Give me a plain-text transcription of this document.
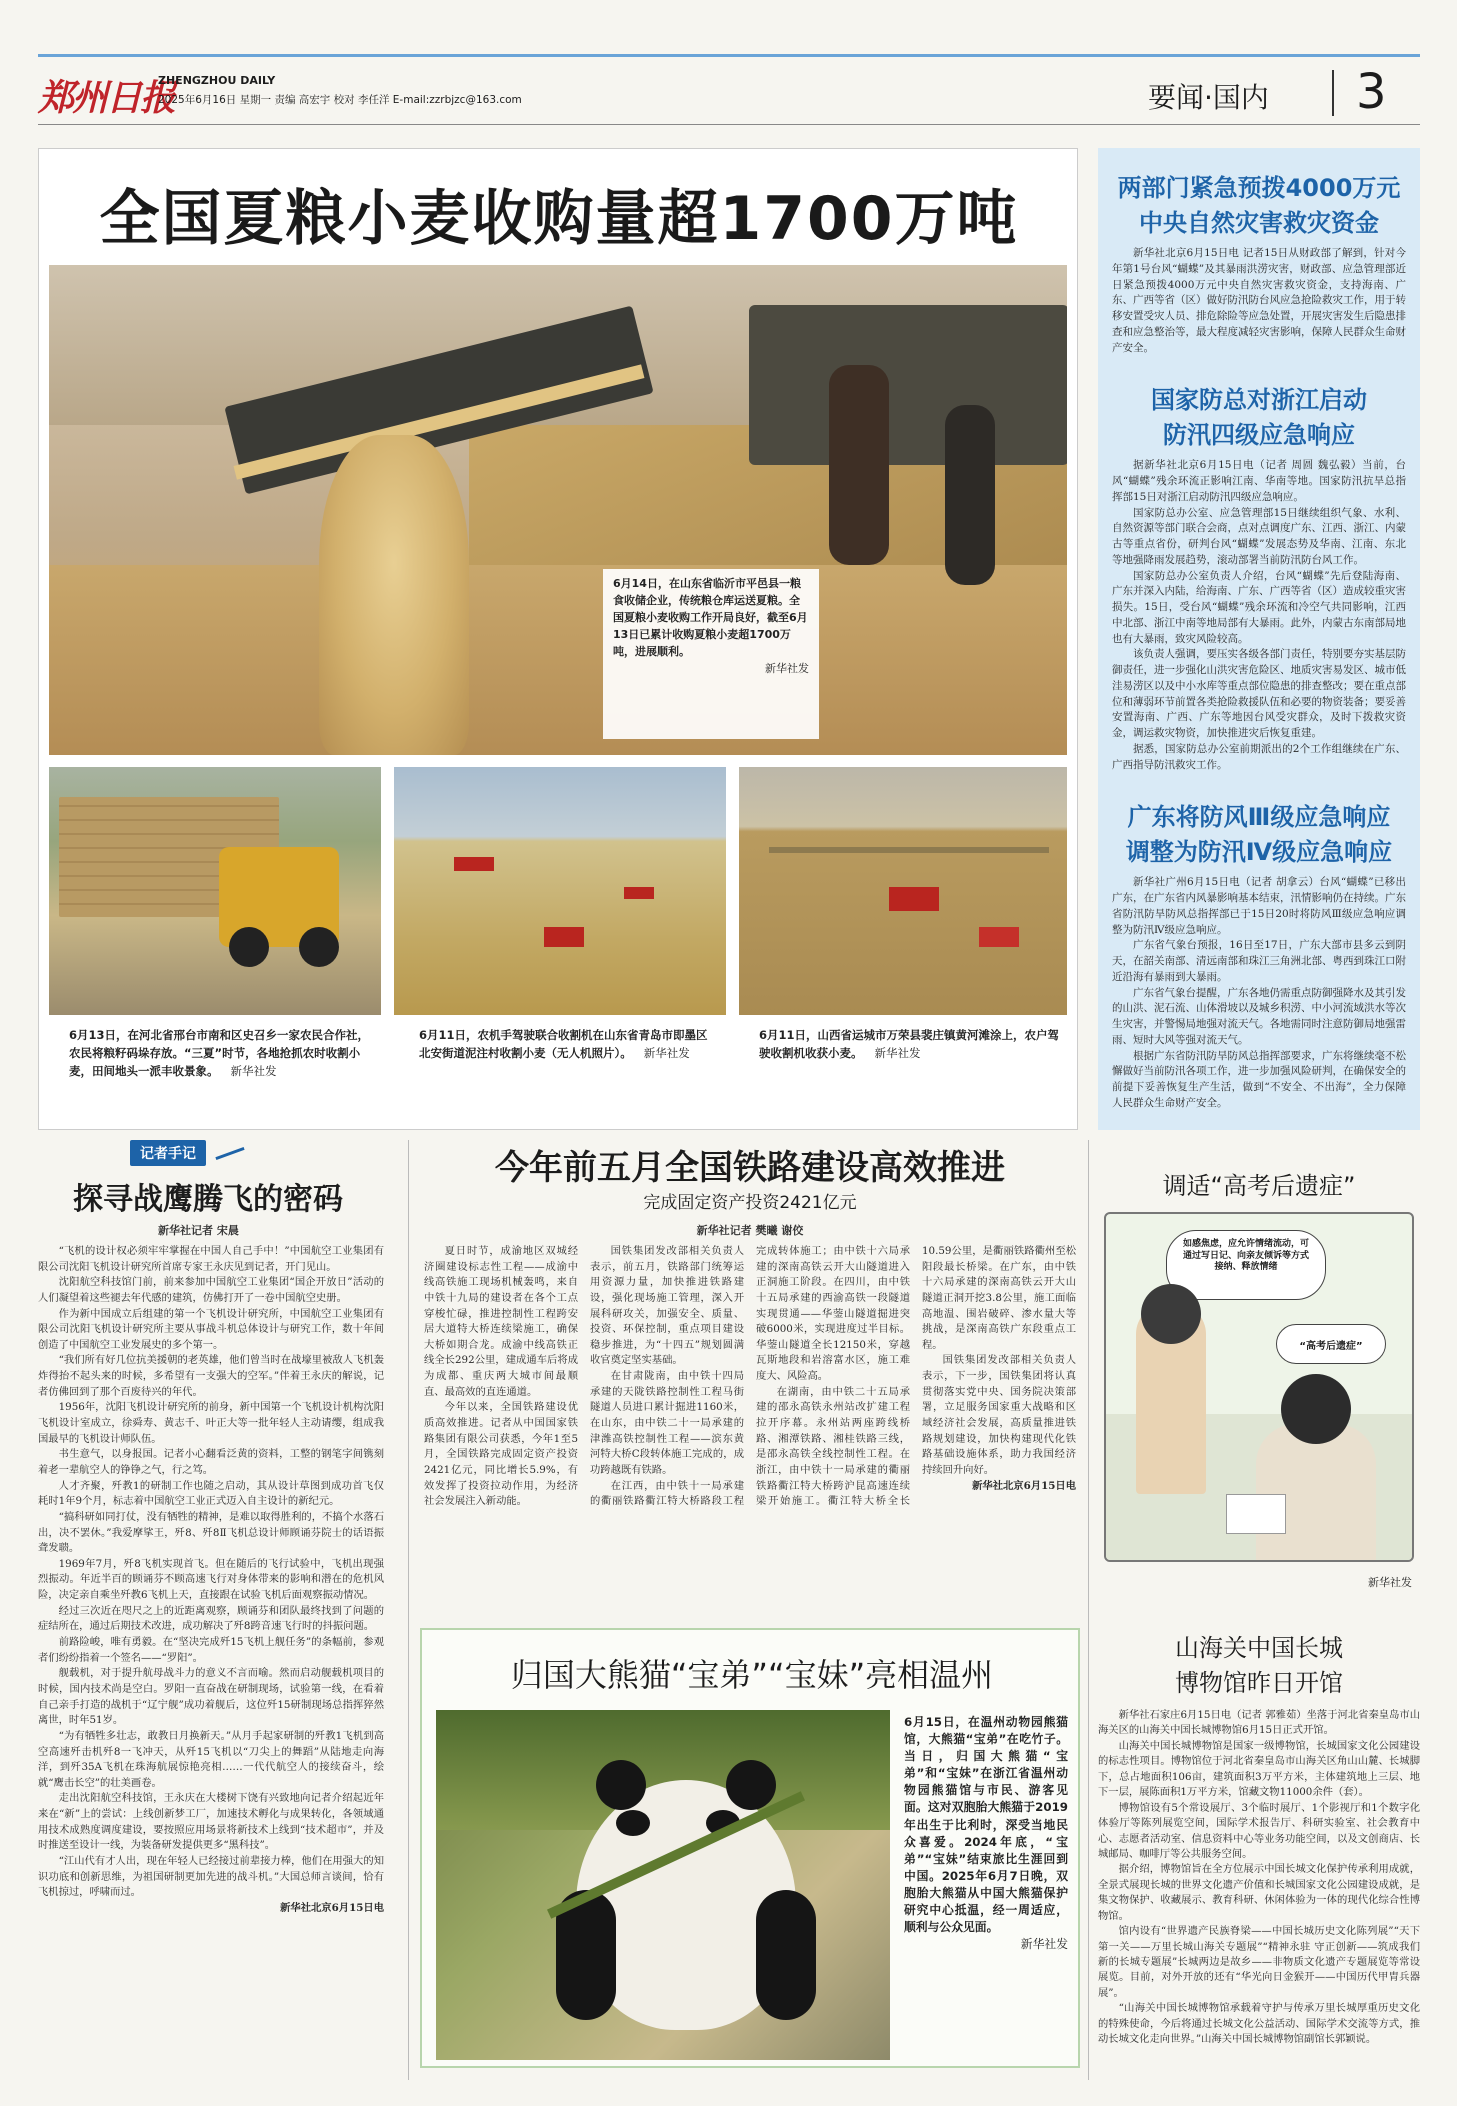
郑州日报
ZHENGZHOU DAILY
2025年6月16日 星期一 责编 高宏宇 校对 李任洋 E-mail:zzrbjzc@163.com	要闻·国内 3
全国夏粮小麦收购量超1700万吨
6月14日，在山东省临沂市平邑县一粮食收储企业，传统粮仓库运送夏粮。全国夏粮小麦收购工作开局良好，截至6月13日已累计收购夏粮小麦超1700万吨，进展顺利。
新华社发
6月13日，在河北省邢台市南和区史召乡一家农民合作社，农民将粮籽码垛存放。“三夏”时节，各地抢抓农时收割小麦，田间地头一派丰收景象。 新华社发
6月11日，农机手驾驶联合收割机在山东省青岛市即墨区北安街道泥注村收割小麦（无人机照片）。 新华社发
6月11日，山西省运城市万荣县裴庄镇黄河滩涂上，农户驾驶收割机收获小麦。 新华社发
两部门紧急预拨4000万元
中央自然灾害救灾资金

新华社北京6月15日电 记者15日从财政部了解到，针对今年第1号台风“蝴蝶”及其暴雨洪涝灾害，财政部、应急管理部近日紧急预拨4000万元中央自然灾害救灾资金，支持海南、广东、广西等省（区）做好防汛防台风应急抢险救灾工作，用于转移安置受灾人员、排危除险等应急处置，开展灾害发生后隐患排查和应急整治等，最大程度减轻灾害影响，保障人民群众生命财产安全。

国家防总对浙江启动
防汛四级应急响应

据新华社北京6月15日电（记者 周圆 魏弘毅）当前，台风“蝴蝶”残余环流正影响江南、华南等地。国家防汛抗旱总指挥部15日对浙江启动防汛四级应急响应。

国家防总办公室、应急管理部15日继续组织气象、水利、自然资源等部门联合会商，点对点调度广东、江西、浙江、内蒙古等重点省份，研判台风“蝴蝶”发展态势及华南、江南、东北等地强降雨发展趋势，滚动部署当前防汛防台风工作。

国家防总办公室负责人介绍，台风“蝴蝶”先后登陆海南、广东并深入内陆，给海南、广东、广西等省（区）造成较重灾害损失。15日，受台风“蝴蝶”残余环流和冷空气共同影响，江西中北部、浙江中南等地局部有大暴雨。此外，内蒙古东南部局地也有大暴雨，致灾风险较高。

该负责人强调，要压实各级各部门责任，特别要夯实基层防御责任，进一步强化山洪灾害危险区、地质灾害易发区、城市低洼易涝区以及中小水库等重点部位隐患的排查整改；要在重点部位和薄弱环节前置各类抢险救援队伍和必要的物资装备；要妥善安置海南、广西、广东等地因台风受灾群众，及时下拨救灾资金，调运救灾物资，加快推进灾后恢复重建。

据悉，国家防总办公室前期派出的2个工作组继续在广东、广西指导防汛救灾工作。

广东将防风Ⅲ级应急响应
调整为防汛Ⅳ级应急响应

新华社广州6月15日电（记者 胡拿云）台风“蝴蝶”已移出广东，在广东省内风暴影响基本结束，汛情影响仍在持续。广东省防汛防旱防风总指挥部已于15日20时将防风Ⅲ级应急响应调整为防汛Ⅳ级应急响应。

广东省气象台预报，16日至17日，广东大部市县多云到阴天，在韶关南部、清远南部和珠江三角洲北部、粤西到珠江口附近沿海有暴雨到大暴雨。

广东省气象台提醒，广东各地仍需重点防御强降水及其引发的山洪、泥石流、山体滑坡以及城乡积涝、中小河流域洪水等次生灾害，并警惕局地强对流天气。各地需同时注意防御局地强雷雨、短时大风等强对流天气。

根据广东省防汛防旱防风总指挥部要求，广东将继续毫不松懈做好当前防汛各项工作，进一步加强风险研判，在确保安全的前提下妥善恢复生产生活，做到“不安全、不出海”，全力保障人民群众生命财产安全。

记者手记
探寻战鹰腾飞的密码
新华社记者 宋晨

“飞机的设计权必须牢牢掌握在中国人自己手中！”中国航空工业集团有限公司沈阳飞机设计研究所首席专家王永庆见到记者，开门见山。

沈阳航空科技馆门前，前来参加中国航空工业集团“国企开放日”活动的人们凝望着这些褪去年代感的建筑，仿佛打开了一卷中国航空史册。

作为新中国成立后组建的第一个飞机设计研究所，中国航空工业集团有限公司沈阳飞机设计研究所主要从事战斗机总体设计与研究工作，数十年间创造了中国航空工业发展史的多个第一。

“我们所有好几位抗美援朝的老英雄，他们曾当时在战壕里被敌人飞机轰炸得抬不起头来的时候，多希望有一支强大的空军。”伴着王永庆的解说，记者仿佛回到了那个百废待兴的年代。

1956年，沈阳飞机设计研究所的前身，新中国第一个飞机设计机构沈阳飞机设计室成立，徐舜寿、黄志千、叶正大等一批年轻人主动请缨，组成我国最早的飞机设计师队伍。

书生意气，以身报国。记者小心翻看泛黄的资料，工整的钢笔字间镌刻着老一辈航空人的铮铮之气，行之笃。

人才齐聚，歼教1的研制工作也随之启动，其从设计草图到成功首飞仅耗时1年9个月，标志着中国航空工业正式迈入自主设计的新纪元。

“搞科研如同打仗，没有牺牲的精神，是难以取得胜利的，不搞个水落石出，决不罢休。”我爱摩挲王，歼8、歼8Ⅱ飞机总设计师顾诵芬院士的话语振聋发聩。

1969年7月，歼8飞机实现首飞。但在随后的飞行试验中，飞机出现强烈振动。年近半百的顾诵芬不顾高速飞行对身体带来的影响和潜在的危机风险，决定亲自乘坐歼教6飞机上天，直接跟在试验飞机后面观察振动情况。

经过三次近在咫尺之上的近距离观察，顾诵芬和团队最终找到了问题的症结所在，通过后期技术改进，成功解决了歼8跨音速飞行时的抖振问题。

前路险峻，唯有勇毅。在“坚决完成歼15飞机上舰任务”的条幅前，参观者们纷纷指着一个签名——“罗阳”。

舰载机，对于提升航母战斗力的意义不言而喻。然而启动舰载机项目的时候，国内技术尚是空白。罗阳一直奋战在研制现场，试验第一线，在看着自己亲手打造的战机于“辽宁舰”成功着舰后，这位歼15研制现场总指挥猝然离世，时年51岁。

“为有牺牲多壮志，敢教日月换新天。”从月手起家研制的歼教1飞机到高空高速歼击机歼8一飞冲天，从歼15飞机以“刀尖上的舞蹈”从陆地走向海洋，到歼35A飞机在珠海航展惊艳亮相……一代代航空人的接续奋斗，绘就“鹰击长空”的壮美画卷。

走出沈阳航空科技馆，王永庆在大楼树下饶有兴致地向记者介绍起近年来在“新”上的尝试：上线创新梦工厂，加速技术孵化与成果转化，各领域通用技术成熟度调度建设，要按照应用场景将新技术上线到“技术超市”，并及时推送至设计一线，为装备研发提供更多“黑科技”。

“江山代有才人出，现在年轻人已经接过前辈接力棒，他们在用强大的知识功底和创新思维，为祖国研制更加先进的战斗机。”大国总师言谈间，恰有飞机掠过，呼啸而过。

新华社北京6月15日电
今年前五月全国铁路建设高效推进
完成固定资产投资2421亿元
新华社记者 樊曦 谢佼

夏日时节，成渝地区双城经济圈建设标志性工程——成渝中线高铁施工现场机械轰鸣，来自中铁十九局的建设者在各个工点穿梭忙碌，推进控制性工程跨安居大道特大桥连续梁施工，确保大桥如期合龙。成渝中线高铁正线全长292公里，建成通车后将成为成都、重庆两大城市间最顺直、最高效的直连通道。

今年以来，全国铁路建设优质高效推进。记者从中国国家铁路集团有限公司获悉，今年1至5月，全国铁路完成固定资产投资2421亿元，同比增长5.9%，有效发挥了投资拉动作用，为经济社会发展注入新动能。

国铁集团发改部相关负责人表示，前五月，铁路部门统筹运用资源力量，加快推进铁路建设，强化现场施工管理，深入开展科研攻关，加强安全、质量、投资、环保控制，重点项目建设稳步推进，为“十四五”规划圆满收官奠定坚实基础。

在甘肃陇南，由中铁十四局承建的天陇铁路控制性工程马街隧道人员进口累计掘进1160米，在山东，由中铁二十一局承建的津潍高铁控制性工程——滨东黄河特大桥C段转体施工完成的，成功跨越既有铁路。

在江西，由中铁十一局承建的衢丽铁路衢江特大桥路段工程完成转体施工；由中铁十六局承建的深南高铁云开大山隧道进入正洞施工阶段。在四川，由中铁十五局承建的西渝高铁一段隧道实现贯通——华蓥山隧道掘进突破6000米，实现进度过半目标。华蓥山隧道全长12150米，穿越瓦斯地段和岩溶富水区，施工难度大、风险高。

在湖南，由中铁二十五局承建的邵永高铁永州站改扩建工程拉开序幕。永州站两座跨线桥路、湘潭铁路、湘桂铁路三线，是邵永高铁全线控制性工程。在浙江，由中铁十一局承建的衢丽铁路衢江特大桥跨沪昆高速连续梁开始施工。衢江特大桥全长10.59公里，是衢丽铁路衢州至松阳段最长桥梁。在广东，由中铁十六局承建的深南高铁云开大山隧道正洞开挖3.8公里，施工面临高地温、围岩破碎、渗水量大等挑战，是深南高铁广东段重点工程。

国铁集团发改部相关负责人表示，下一步，国铁集团将认真贯彻落实党中央、国务院决策部署，立足服务国家重大战略和区域经济社会发展，高质量推进铁路规划建设，加快构建现代化铁路基础设施体系，助力我国经济持续回升向好。

新华社北京6月15日电
调适“高考后遗症”
如感焦虑，应允许情绪流动，可通过写日记、向亲友倾诉等方式接纳、释放情绪
“高考后遗症”
新华社发
归国大熊猫“宝弟”“宝妹”亮相温州
6月15日，在温州动物园熊猫馆，大熊猫“宝弟”在吃竹子。当日，归国大熊猫“宝弟”和“宝妹”在浙江省温州动物园熊猫馆与市民、游客见面。这对双胞胎大熊猫于2019年出生于比利时，深受当地民众喜爱。2024年底，“宝弟”“宝妹”结束旅比生涯回到中国。2025年6月7日晚，双胞胎大熊猫从中国大熊猫保护研究中心抵温，经一周适应，顺利与公众见面。
新华社发
山海关中国长城
博物馆昨日开馆

新华社石家庄6月15日电（记者 郭雅茹）坐落于河北省秦皇岛市山海关区的山海关中国长城博物馆6月15日正式开馆。

山海关中国长城博物馆是国家一级博物馆，长城国家文化公园建设的标志性项目。博物馆位于河北省秦皇岛市山海关区角山山麓、长城脚下，总占地面积106亩，建筑面积3万平方米，主体建筑地上三层、地下一层，展陈面积1万平方米，馆藏文物11000余件（套）。

博物馆设有5个常设展厅、3个临时展厅、1个影视厅和1个数字化体验厅等陈列展览空间，国际学术报告厅、科研实验室、社会教育中心、志愿者活动室、信息资料中心等业务功能空间，以及文创商店、长城邮局、咖啡厅等公共服务空间。

据介绍，博物馆旨在全方位展示中国长城文化保护传承利用成就，全景式展现长城的世界文化遗产价值和长城国家文化公园建设成就，是集文物保护、收藏展示、教育科研、休闲体验为一体的现代化综合性博物馆。

馆内设有“世界遗产民族脊梁——中国长城历史文化陈列展”“天下第一关——万里长城山海关专题展”“精神永驻 守正创新——筑成我们新的长城专题展”长城两边是故乡——非物质文化遗产专题展览等常设展览。目前，对外开放的还有“华光向日金猴开——中国历代甲胄兵器展”。

“山海关中国长城博物馆承载着守护与传承万里长城厚重历史文化的特殊使命，今后将通过长城文化公益活动、国际学术交流等方式，推动长城文化走向世界。”山海关中国长城博物馆副馆长郭颖说。
